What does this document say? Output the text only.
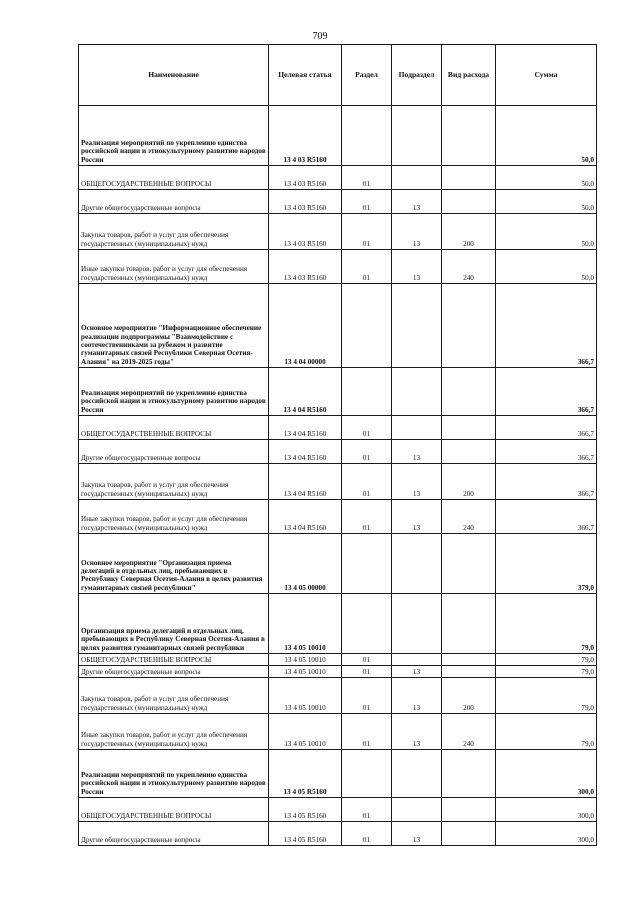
709
Наименование	Целевая статья	Раздел	Подраздел	Вид расхода	Сумма
Реализация мероприятий по укреплению единства российской нации и этнокультурному развитию народов России	13 4 03 R5160				50,0
ОБЩЕГОСУДАРСТВЕННЫЕ ВОПРОСЫ	13 4 03 R5160	01			50,0
Другие общегосударственные вопросы	13 4 03 R5160	01	13		50,0
Закупка товаров, работ и услуг для обеспечения государственных (муниципальных) нужд	13 4 03 R5160	01	13	200	50,0
Иные закупки товаров, работ и услуг для обеспечения государственных (муниципальных) нужд	13 4 03 R5160	01	13	240	50,0
Основное мероприятие "Информационное обеспечение реализации подпрограммы "Взаимодействие с соотечественниками за рубежом и развитие гуманитарных связей Республики Северная Осетия-Алания" на 2019-2025 годы"	13 4 04 00000				366,7
Реализация мероприятий по укреплению единства российской нации и этнокультурному развитию народов России	13 4 04 R5160				366,7
ОБЩЕГОСУДАРСТВЕННЫЕ ВОПРОСЫ	13 4 04 R5160	01			366,7
Другие общегосударственные вопросы	13 4 04 R5160	01	13		366,7
Закупка товаров, работ и услуг для обеспечения государственных (муниципальных) нужд	13 4 04 R5160	01	13	200	366,7
Иные закупки товаров, работ и услуг для обеспечения государственных (муниципальных) нужд	13 4 04 R5160	01	13	240	366,7
Основное мероприятие "Организация приема делегаций в отдельных лиц, пребывающих в Республику Северная Осетия-Алания в целях развития гуманитарных связей республики"	13 4 05 00000				379,0
Организация приема делегаций и отдельных лиц, пребывающих в Республику Северная Осетия-Алания в целях развития гуманитарных связей республики	13 4 05 10010				79,0
ОБЩЕГОСУДАРСТВЕННЫЕ ВОПРОСЫ	13 4 05 10010	01			79,0
Другие общегосударственные вопросы	13 4 05 10010	01	13		79,0
Закупка товаров, работ и услуг для обеспечения государственных (муниципальных) нужд	13 4 05 10010	01	13	200	79,0
Иные закупки товаров, работ и услуг для обеспечения государственных (муниципальных) нужд	13 4 05 10010	01	13	240	79,0
Реализации мероприятий по укреплению единства российской нации и этнокультурному развитию народов России	13 4 05 R5160				300,0
ОБЩЕГОСУДАРСТВЕННЫЕ ВОПРОСЫ	13 4 05 R5160	01			300,0
Другие общегосударственные вопросы	13 4 05 R5160	01	13		300,0
